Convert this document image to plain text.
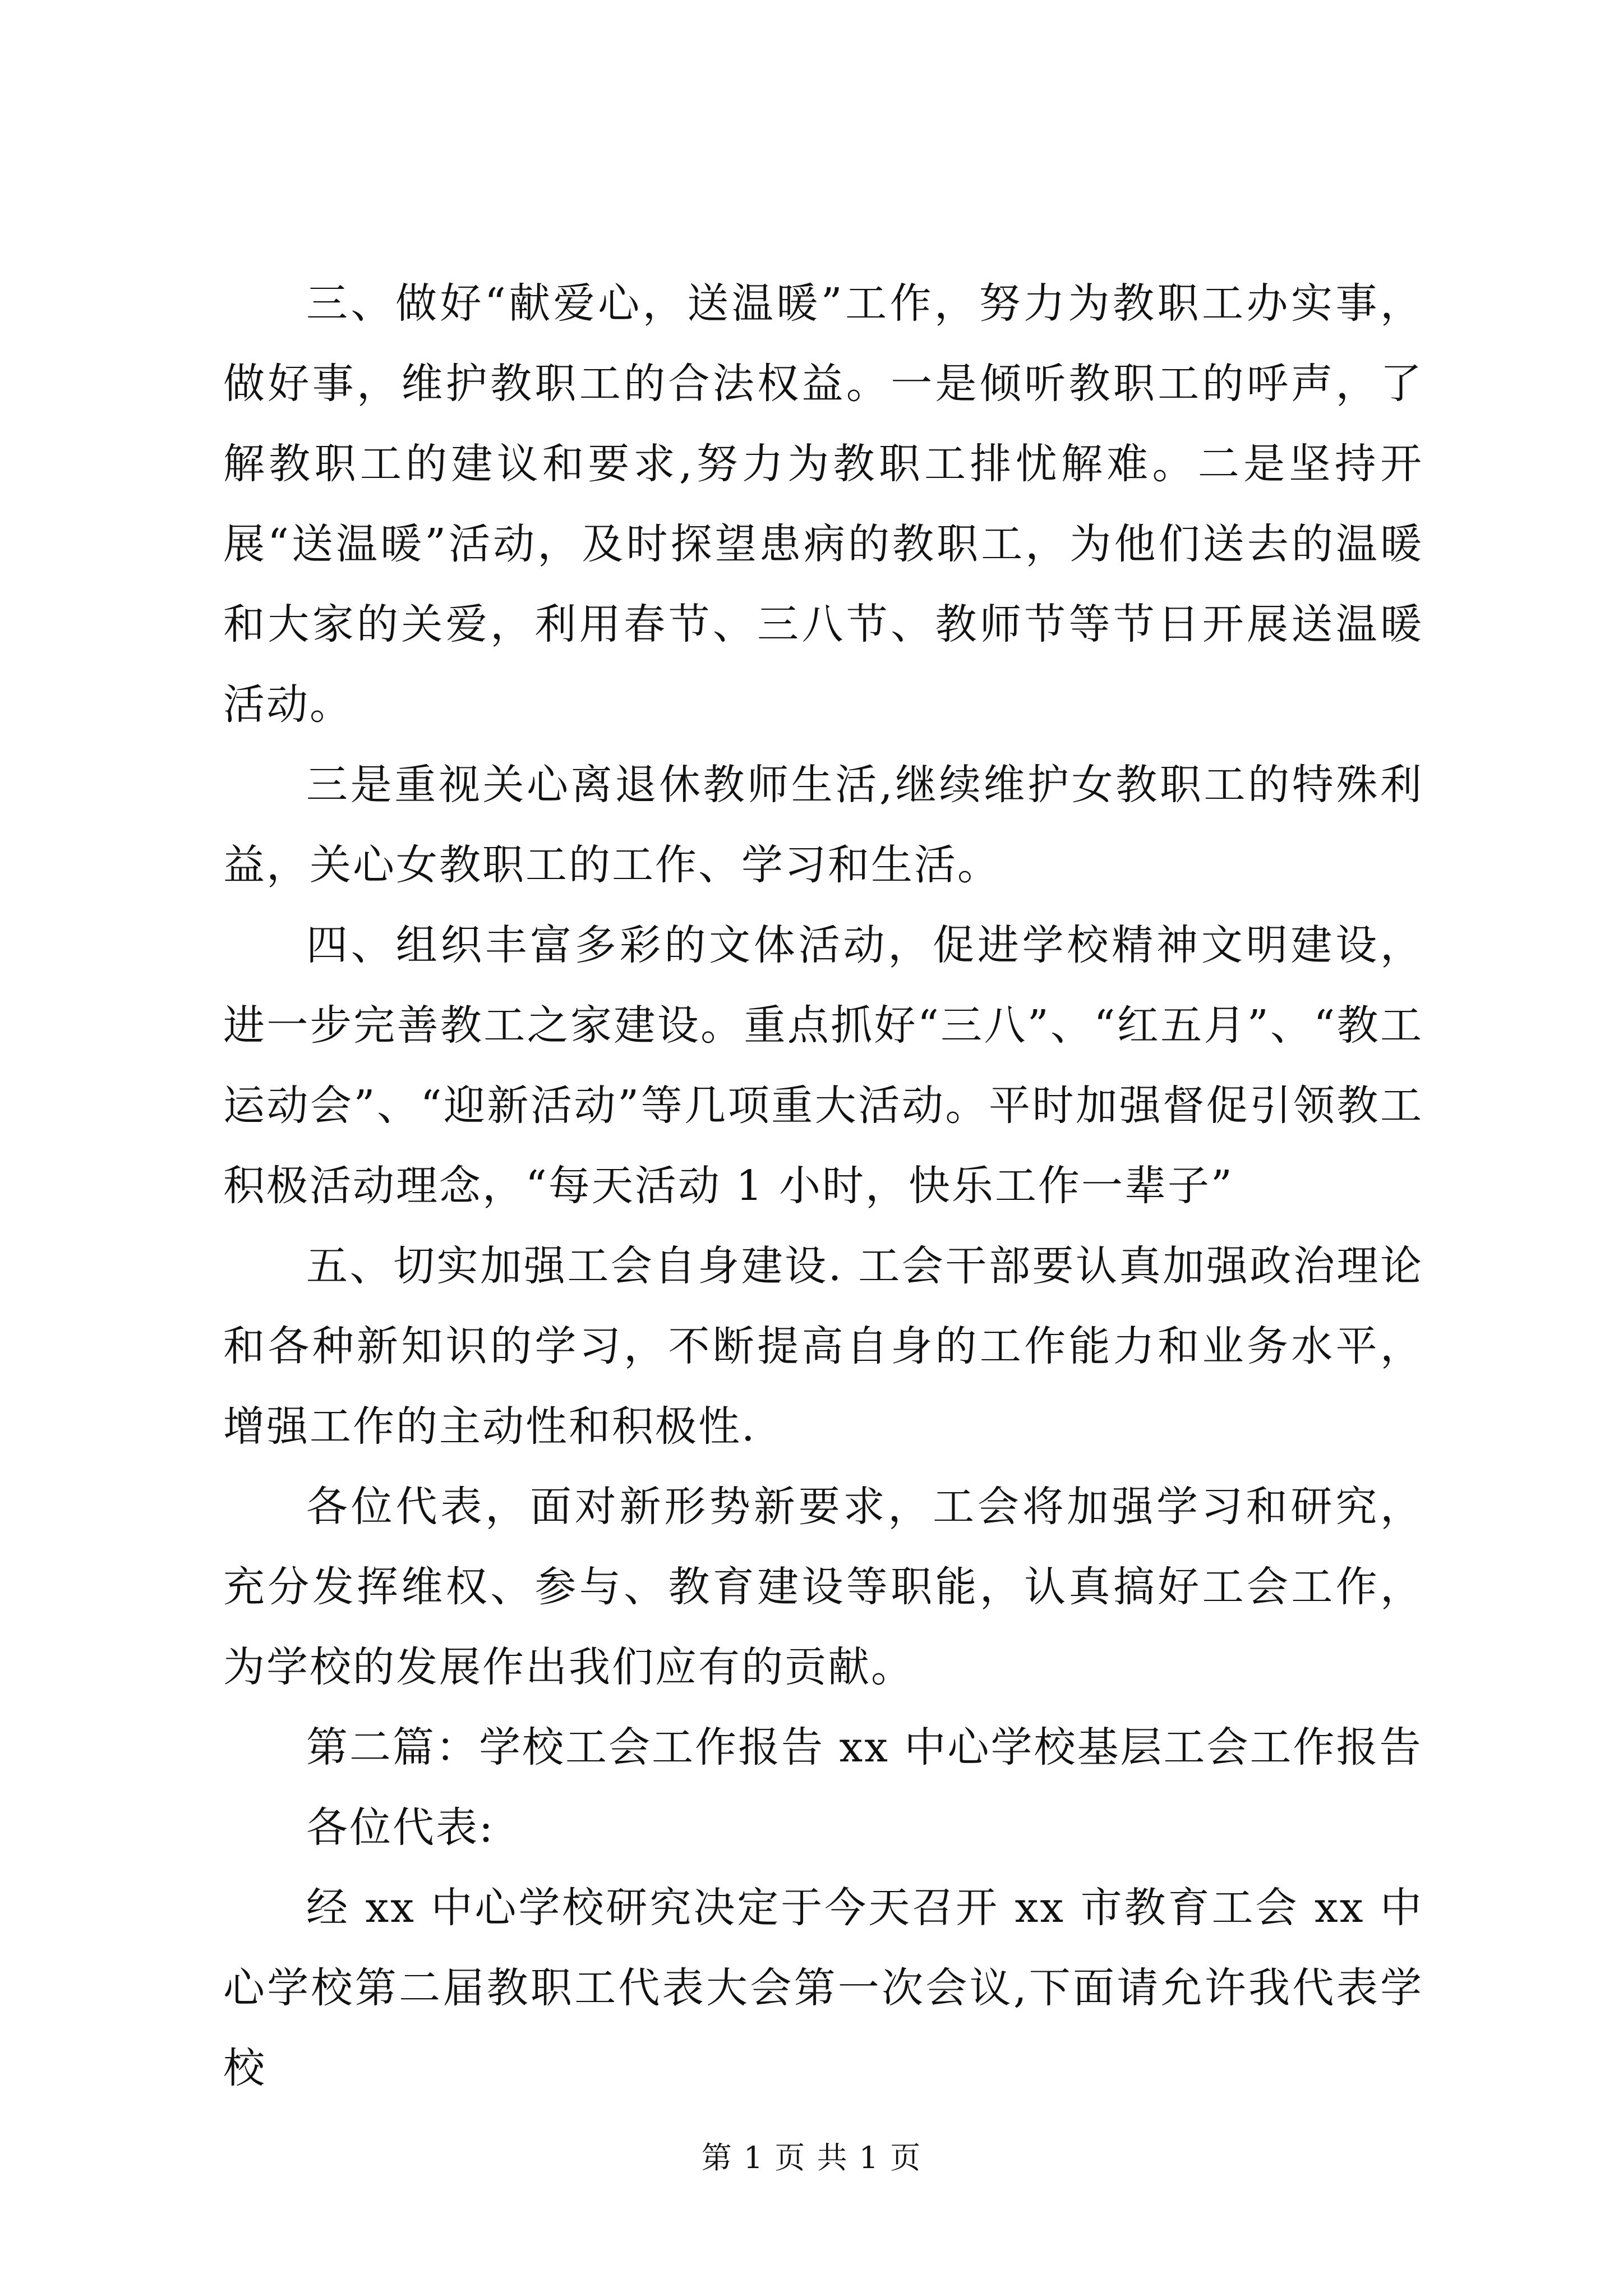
三、做好“献爱心，送温暖”工作，努力为教职工办实事，做好事，维护教职工的合法权益。一是倾听教职工的呼声，了解教职工的建议和要求,努力为教职工排忧解难。二是坚持开展“送温暖”活动，及时探望患病的教职工，为他们送去的温暖和大家的关爱，利用春节、三八节、教师节等节日开展送温暖活动。

三是重视关心离退休教师生活,继续维护女教职工的特殊利益，关心女教职工的工作、学习和生活。

四、组织丰富多彩的文体活动，促进学校精神文明建设，进一步完善教工之家建设。重点抓好“三八”、“红五月”、“教工运动会”、“迎新活动”等几项重大活动。平时加强督促引领教工积极活动理念，“每天活动 1 小时，快乐工作一辈子”

五、切实加强工会自身建设. 工会干部要认真加强政治理论和各种新知识的学习，不断提高自身的工作能力和业务水平，增强工作的主动性和积极性.

各位代表，面对新形势新要求，工会将加强学习和研究，充分发挥维权、参与、教育建设等职能，认真搞好工会工作，为学校的发展作出我们应有的贡献。

第二篇：学校工会工作报告 xx 中心学校基层工会工作报告

各位代表:

经 xx 中心学校研究决定于今天召开 xx 市教育工会 xx 中心学校第二届教职工代表大会第一次会议,下面请允许我代表学校

第 1 页 共 1 页
